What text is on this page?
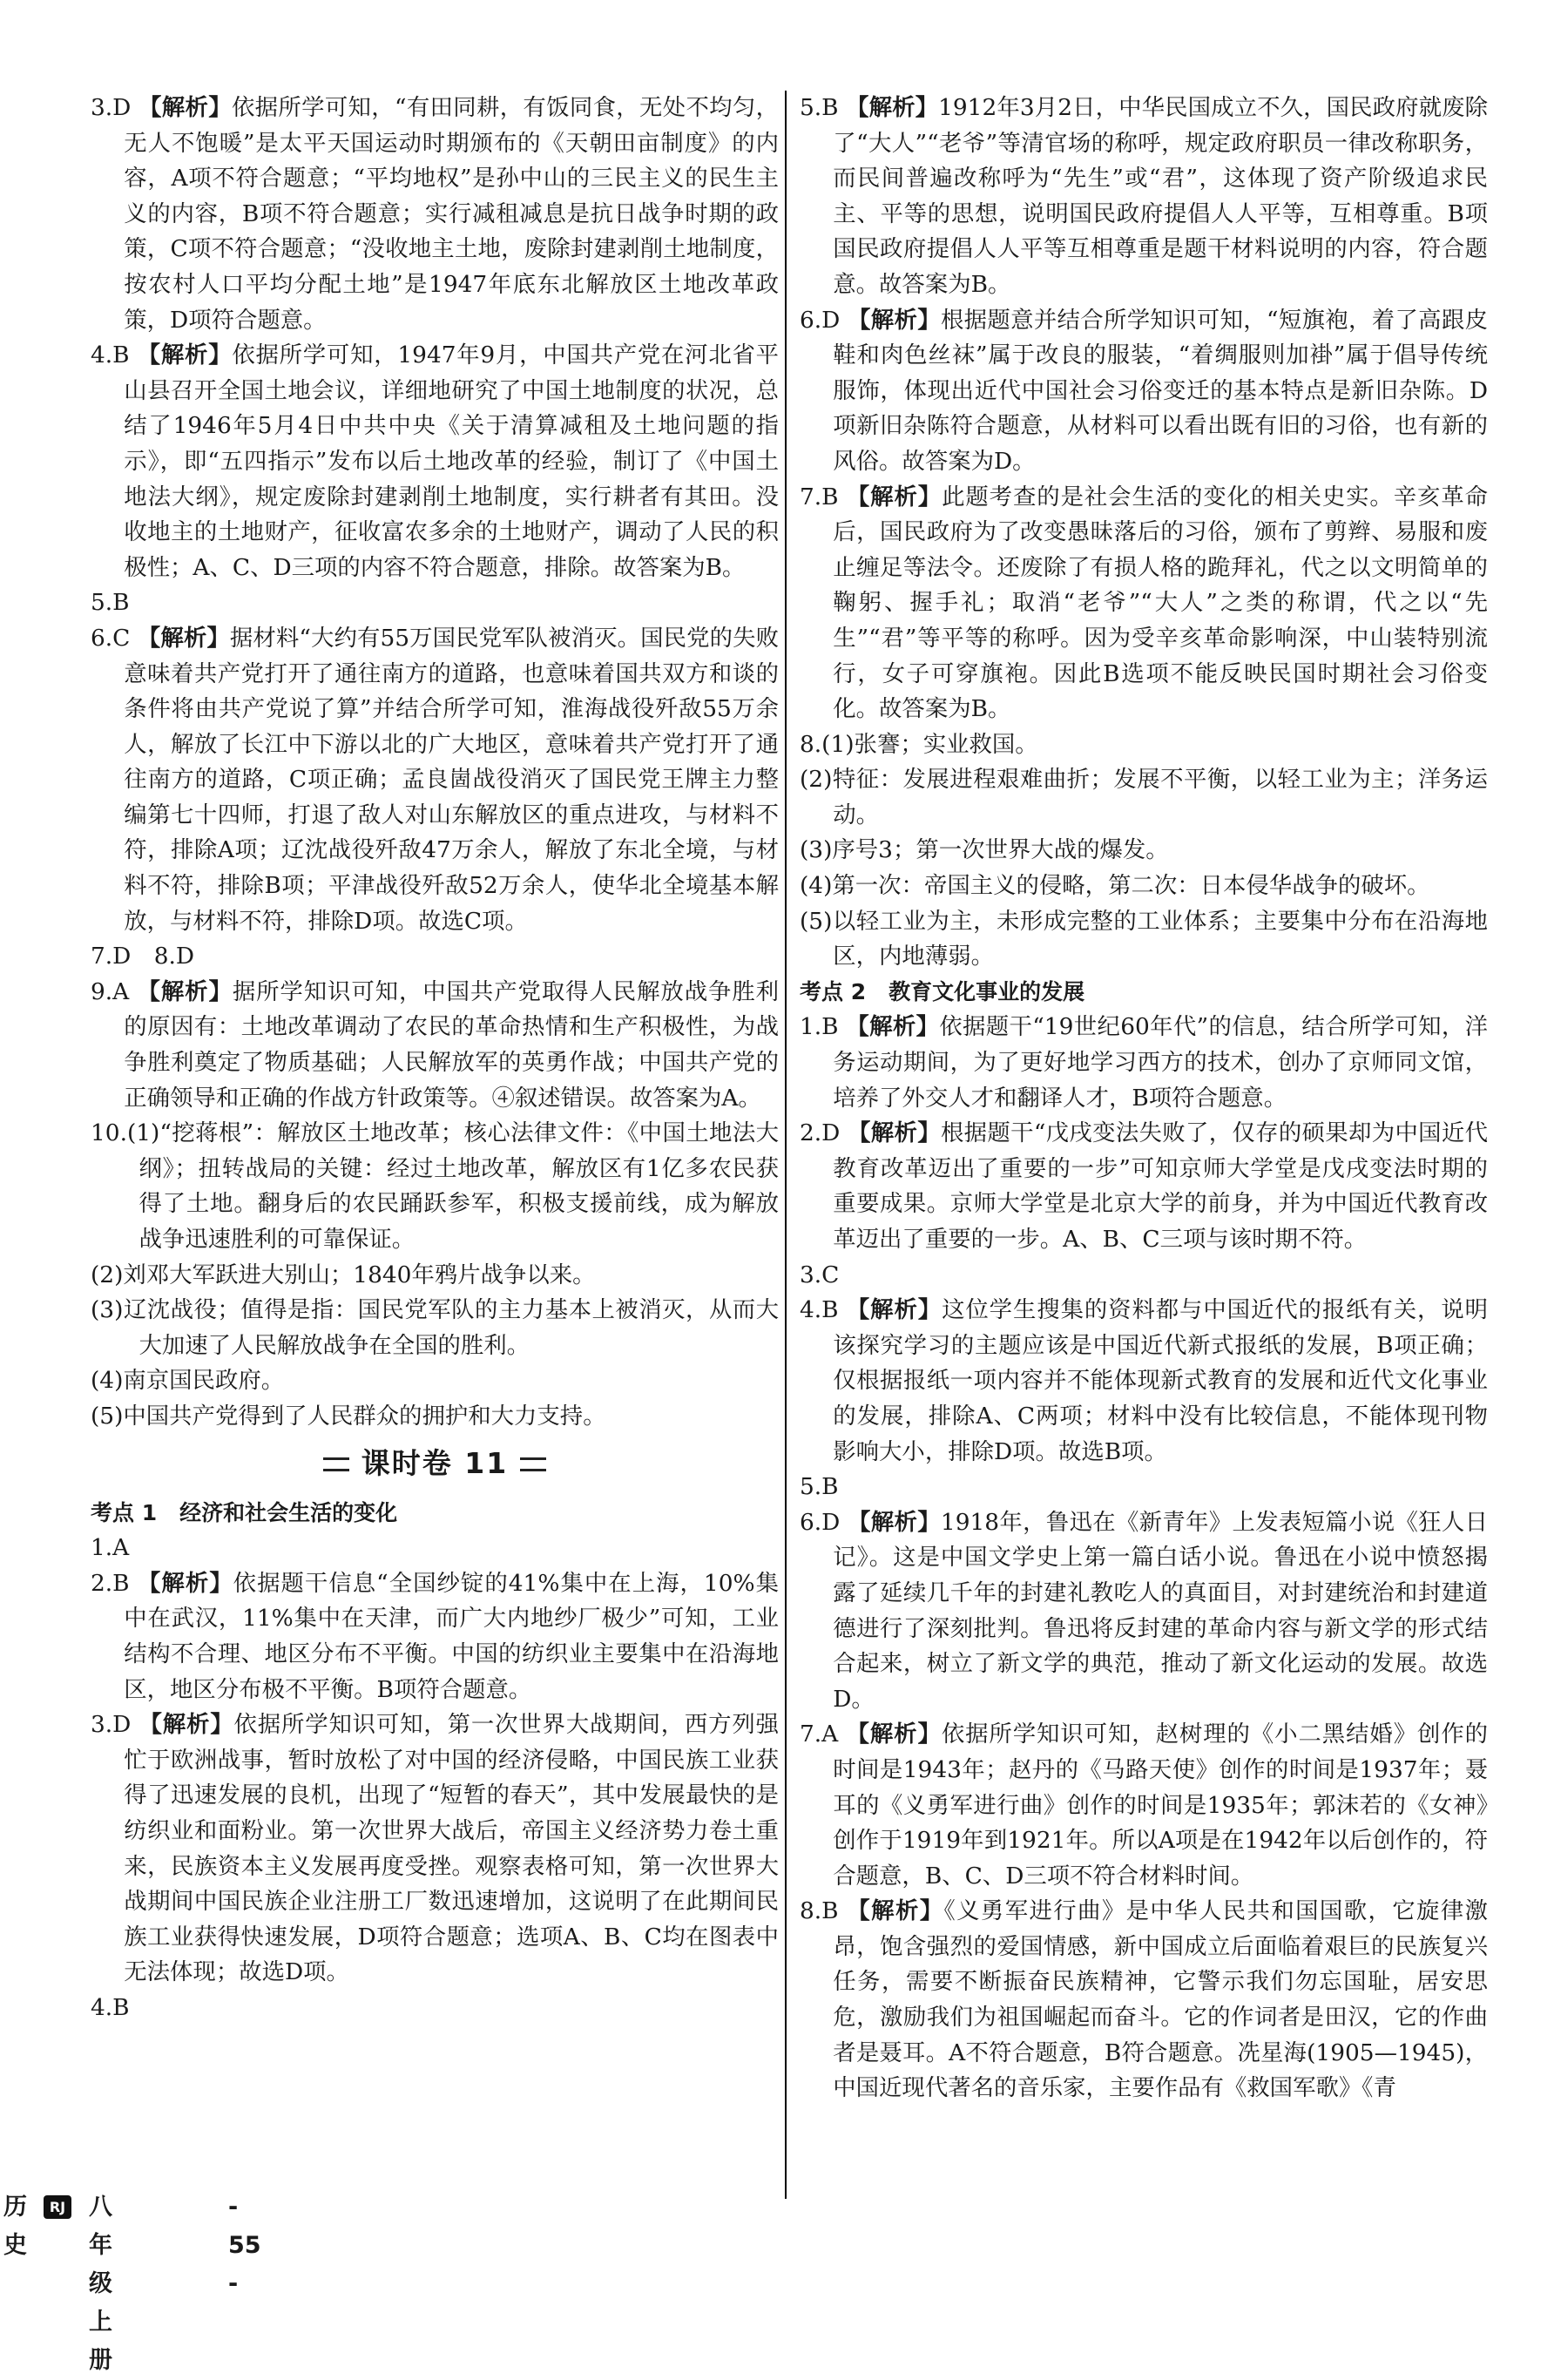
3.D 【解析】依据所学可知，“有田同耕，有饭同食，无处不均匀，无人不饱暖”是太平天国运动时期颁布的《天朝田亩制度》的内容，A项不符合题意；“平均地权”是孙中山的三民主义的民生主义的内容，B项不符合题意；实行减租减息是抗日战争时期的政策，C项不符合题意；“没收地主土地，废除封建剥削土地制度，按农村人口平均分配土地”是1947年底东北解放区土地改革政策，D项符合题意。

4.B 【解析】依据所学可知，1947年9月，中国共产党在河北省平山县召开全国土地会议，详细地研究了中国土地制度的状况，总结了1946年5月4日中共中央《关于清算减租及土地问题的指示》，即“五四指示”发布以后土地改革的经验，制订了《中国土地法大纲》，规定废除封建剥削土地制度，实行耕者有其田。没收地主的土地财产，征收富农多余的土地财产，调动了人民的积极性；A、C、D三项的内容不符合题意，排除。故答案为B。

5.B

6.C 【解析】据材料“大约有55万国民党军队被消灭。国民党的失败意味着共产党打开了通往南方的道路，也意味着国共双方和谈的条件将由共产党说了算”并结合所学可知，淮海战役歼敌55万余人，解放了长江中下游以北的广大地区，意味着共产党打开了通往南方的道路，C项正确；孟良崮战役消灭了国民党王牌主力整编第七十四师，打退了敌人对山东解放区的重点进攻，与材料不符，排除A项；辽沈战役歼敌47万余人，解放了东北全境，与材料不符，排除B项；平津战役歼敌52万余人，使华北全境基本解放，与材料不符，排除D项。故选C项。

7.D　8.D

9.A 【解析】据所学知识可知，中国共产党取得人民解放战争胜利的原因有：土地改革调动了农民的革命热情和生产积极性，为战争胜利奠定了物质基础；人民解放军的英勇作战；中国共产党的正确领导和正确的作战方针政策等。④叙述错误。故答案为A。

10.(1)“挖蒋根”：解放区土地改革；核心法律文件：《中国土地法大纲》；扭转战局的关键：经过土地改革，解放区有1亿多农民获得了土地。翻身后的农民踊跃参军，积极支援前线，成为解放战争迅速胜利的可靠保证。

(2)刘邓大军跃进大别山；1840年鸦片战争以来。

(3)辽沈战役；值得是指：国民党军队的主力基本上被消灭，从而大大加速了人民解放战争在全国的胜利。

(4)南京国民政府。

(5)中国共产党得到了人民群众的拥护和大力支持。

课时卷 11

考点 1 经济和社会生活的变化

1.A

2.B 【解析】依据题干信息“全国纱锭的41%集中在上海，10%集中在武汉，11%集中在天津，而广大内地纱厂极少”可知，工业结构不合理、地区分布不平衡。中国的纺织业主要集中在沿海地区，地区分布极不平衡。B项符合题意。

3.D 【解析】依据所学知识可知，第一次世界大战期间，西方列强忙于欧洲战事，暂时放松了对中国的经济侵略，中国民族工业获得了迅速发展的良机，出现了“短暂的春天”，其中发展最快的是纺织业和面粉业。第一次世界大战后，帝国主义经济势力卷土重来，民族资本主义发展再度受挫。观察表格可知，第一次世界大战期间中国民族企业注册工厂数迅速增加，这说明了在此期间民族工业获得快速发展，D项符合题意；选项A、B、C均在图表中无法体现；故选D项。

4.B

5.B 【解析】1912年3月2日，中华民国成立不久，国民政府就废除了“大人”“老爷”等清官场的称呼，规定政府职员一律改称职务，而民间普遍改称呼为“先生”或“君”，这体现了资产阶级追求民主、平等的思想，说明国民政府提倡人人平等，互相尊重。B项国民政府提倡人人平等互相尊重是题干材料说明的内容，符合题意。故答案为B。

6.D 【解析】根据题意并结合所学知识可知，“短旗袍，着了高跟皮鞋和肉色丝袜”属于改良的服装，“着绸服则加褂”属于倡导传统服饰，体现出近代中国社会习俗变迁的基本特点是新旧杂陈。D项新旧杂陈符合题意，从材料可以看出既有旧的习俗，也有新的风俗。故答案为D。

7.B 【解析】此题考查的是社会生活的变化的相关史实。辛亥革命后，国民政府为了改变愚昧落后的习俗，颁布了剪辫、易服和废止缠足等法令。还废除了有损人格的跪拜礼，代之以文明简单的鞠躬、握手礼；取消“老爷”“大人”之类的称谓，代之以“先生”“君”等平等的称呼。因为受辛亥革命影响深，中山装特别流行，女子可穿旗袍。因此B选项不能反映民国时期社会习俗变化。故答案为B。

8.(1)张謇；实业救国。

(2)特征：发展进程艰难曲折；发展不平衡，以轻工业为主；洋务运动。

(3)序号3；第一次世界大战的爆发。

(4)第一次：帝国主义的侵略，第二次：日本侵华战争的破坏。

(5)以轻工业为主，未形成完整的工业体系；主要集中分布在沿海地区，内地薄弱。

考点 2 教育文化事业的发展

1.B 【解析】依据题干“19世纪60年代”的信息，结合所学可知，洋务运动期间，为了更好地学习西方的技术，创办了京师同文馆，培养了外交人才和翻译人才，B项符合题意。

2.D 【解析】根据题干“戊戌变法失败了，仅存的硕果却为中国近代教育改革迈出了重要的一步”可知京师大学堂是戊戌变法时期的重要成果。京师大学堂是北京大学的前身，并为中国近代教育改革迈出了重要的一步。A、B、C三项与该时期不符。

3.C

4.B 【解析】这位学生搜集的资料都与中国近代的报纸有关，说明该探究学习的主题应该是中国近代新式报纸的发展，B项正确；仅根据报纸一项内容并不能体现新式教育的发展和近代文化事业的发展，排除A、C两项；材料中没有比较信息，不能体现刊物影响大小，排除D项。故选B项。

5.B

6.D 【解析】1918年，鲁迅在《新青年》上发表短篇小说《狂人日记》。这是中国文学史上第一篇白话小说。鲁迅在小说中愤怒揭露了延续几千年的封建礼教吃人的真面目，对封建统治和封建道德进行了深刻批判。鲁迅将反封建的革命内容与新文学的形式结合起来，树立了新文学的典范，推动了新文化运动的发展。故选D。

7.A 【解析】依据所学知识可知，赵树理的《小二黑结婚》创作的时间是1943年；赵丹的《马路天使》创作的时间是1937年；聂耳的《义勇军进行曲》创作的时间是1935年；郭沫若的《女神》创作于1919年到1921年。所以A项是在1942年以后创作的，符合题意，B、C、D三项不符合材料时间。

8.B 【解析】《义勇军进行曲》是中华人民共和国国歌，它旋律激昂，饱含强烈的爱国情感，新中国成立后面临着艰巨的民族复兴任务，需要不断振奋民族精神，它警示我们勿忘国耻，居安思危，激励我们为祖国崛起而奋斗。它的作词者是田汉，它的作曲者是聂耳。A不符合题意，B符合题意。冼星海(1905—1945)，中国近现代著名的音乐家，主要作品有《救国军歌》《青

历史
RJ 八年级上册
- 55 -
